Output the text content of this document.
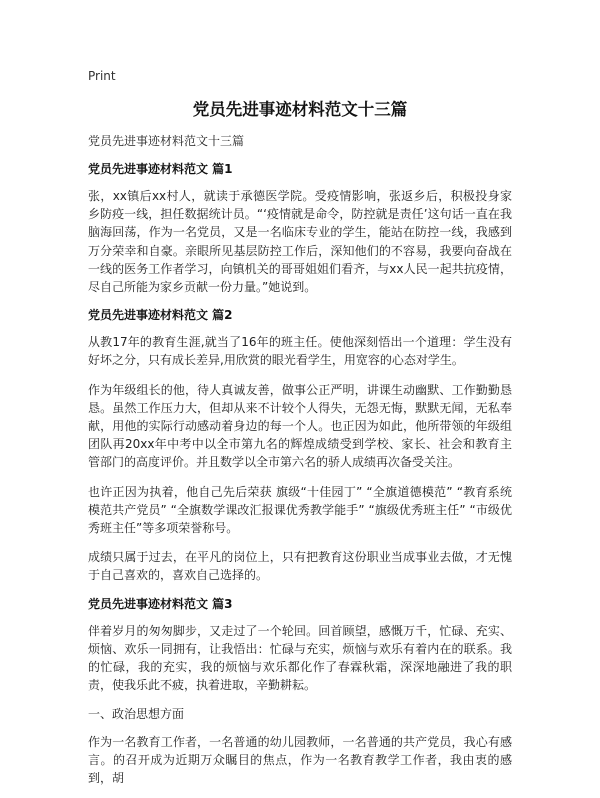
Print
党员先进事迹材料范文十三篇
党员先进事迹材料范文十三篇
党员先进事迹材料范文 篇1

张，xx镇后xx村人，就读于承德医学院。受疫情影响，张返乡后，积极投身家乡防疫一线，担任数据统计员。“‘疫情就是命令，防控就是责任’这句话一直在我脑海回荡，作为一名党员，又是一名临床专业的学生，能站在防控一线，我感到万分荣幸和自豪。亲眼所见基层防控工作后，深知他们的不容易，我要向奋战在一线的医务工作者学习，向镇机关的哥哥姐姐们看齐，与xx人民一起共抗疫情，尽自己所能为家乡贡献一份力量。”她说到。

党员先进事迹材料范文 篇2

从教17年的教育生涯,就当了16年的班主任。使他深刻悟出一个道理：学生没有好坏之分，只有成长差异,用欣赏的眼光看学生，用宽容的心态对学生。

作为年级组长的他，待人真诚友善，做事公正严明，讲课生动幽默、工作勤勤恳恳。虽然工作压力大，但却从来不计较个人得失，无怨无悔，默默无闻，无私奉献，用他的实际行动感动着身边的每一个人。也正因为如此，他所带领的年级组团队再20xx年中考中以全市第九名的辉煌成绩受到学校、家长、社会和教育主管部门的高度评价。并且数学以全市第六名的骄人成绩再次备受关注。

也许正因为执着，他自己先后荣获 旗级“十佳园丁” “全旗道德模范” “教育系统模范共产党员” “全旗数学课改汇报课优秀教学能手” “旗级优秀班主任” “市级优秀班主任”等多项荣誉称号。

成绩只属于过去，在平凡的岗位上，只有把教育这份职业当成事业去做，才无愧于自己喜欢的，喜欢自己选择的。

党员先进事迹材料范文 篇3

伴着岁月的匆匆脚步，又走过了一个轮回。回首顾望，感慨万千，忙碌、充实、烦恼、欢乐一同拥有，让我悟出：忙碌与充实，烦恼与欢乐有着内在的联系。我的忙碌，我的充实，我的烦恼与欢乐都化作了春霖秋霜，深深地融进了我的职责，使我乐此不疲，执着进取，辛勤耕耘。

一、政治思想方面

作为一名教育工作者，一名普通的幼儿园教师，一名普通的共产党员，我心有感言。的召开成为近期万众瞩目的焦点，作为一名教育教学工作者，我由衷的感到，胡
